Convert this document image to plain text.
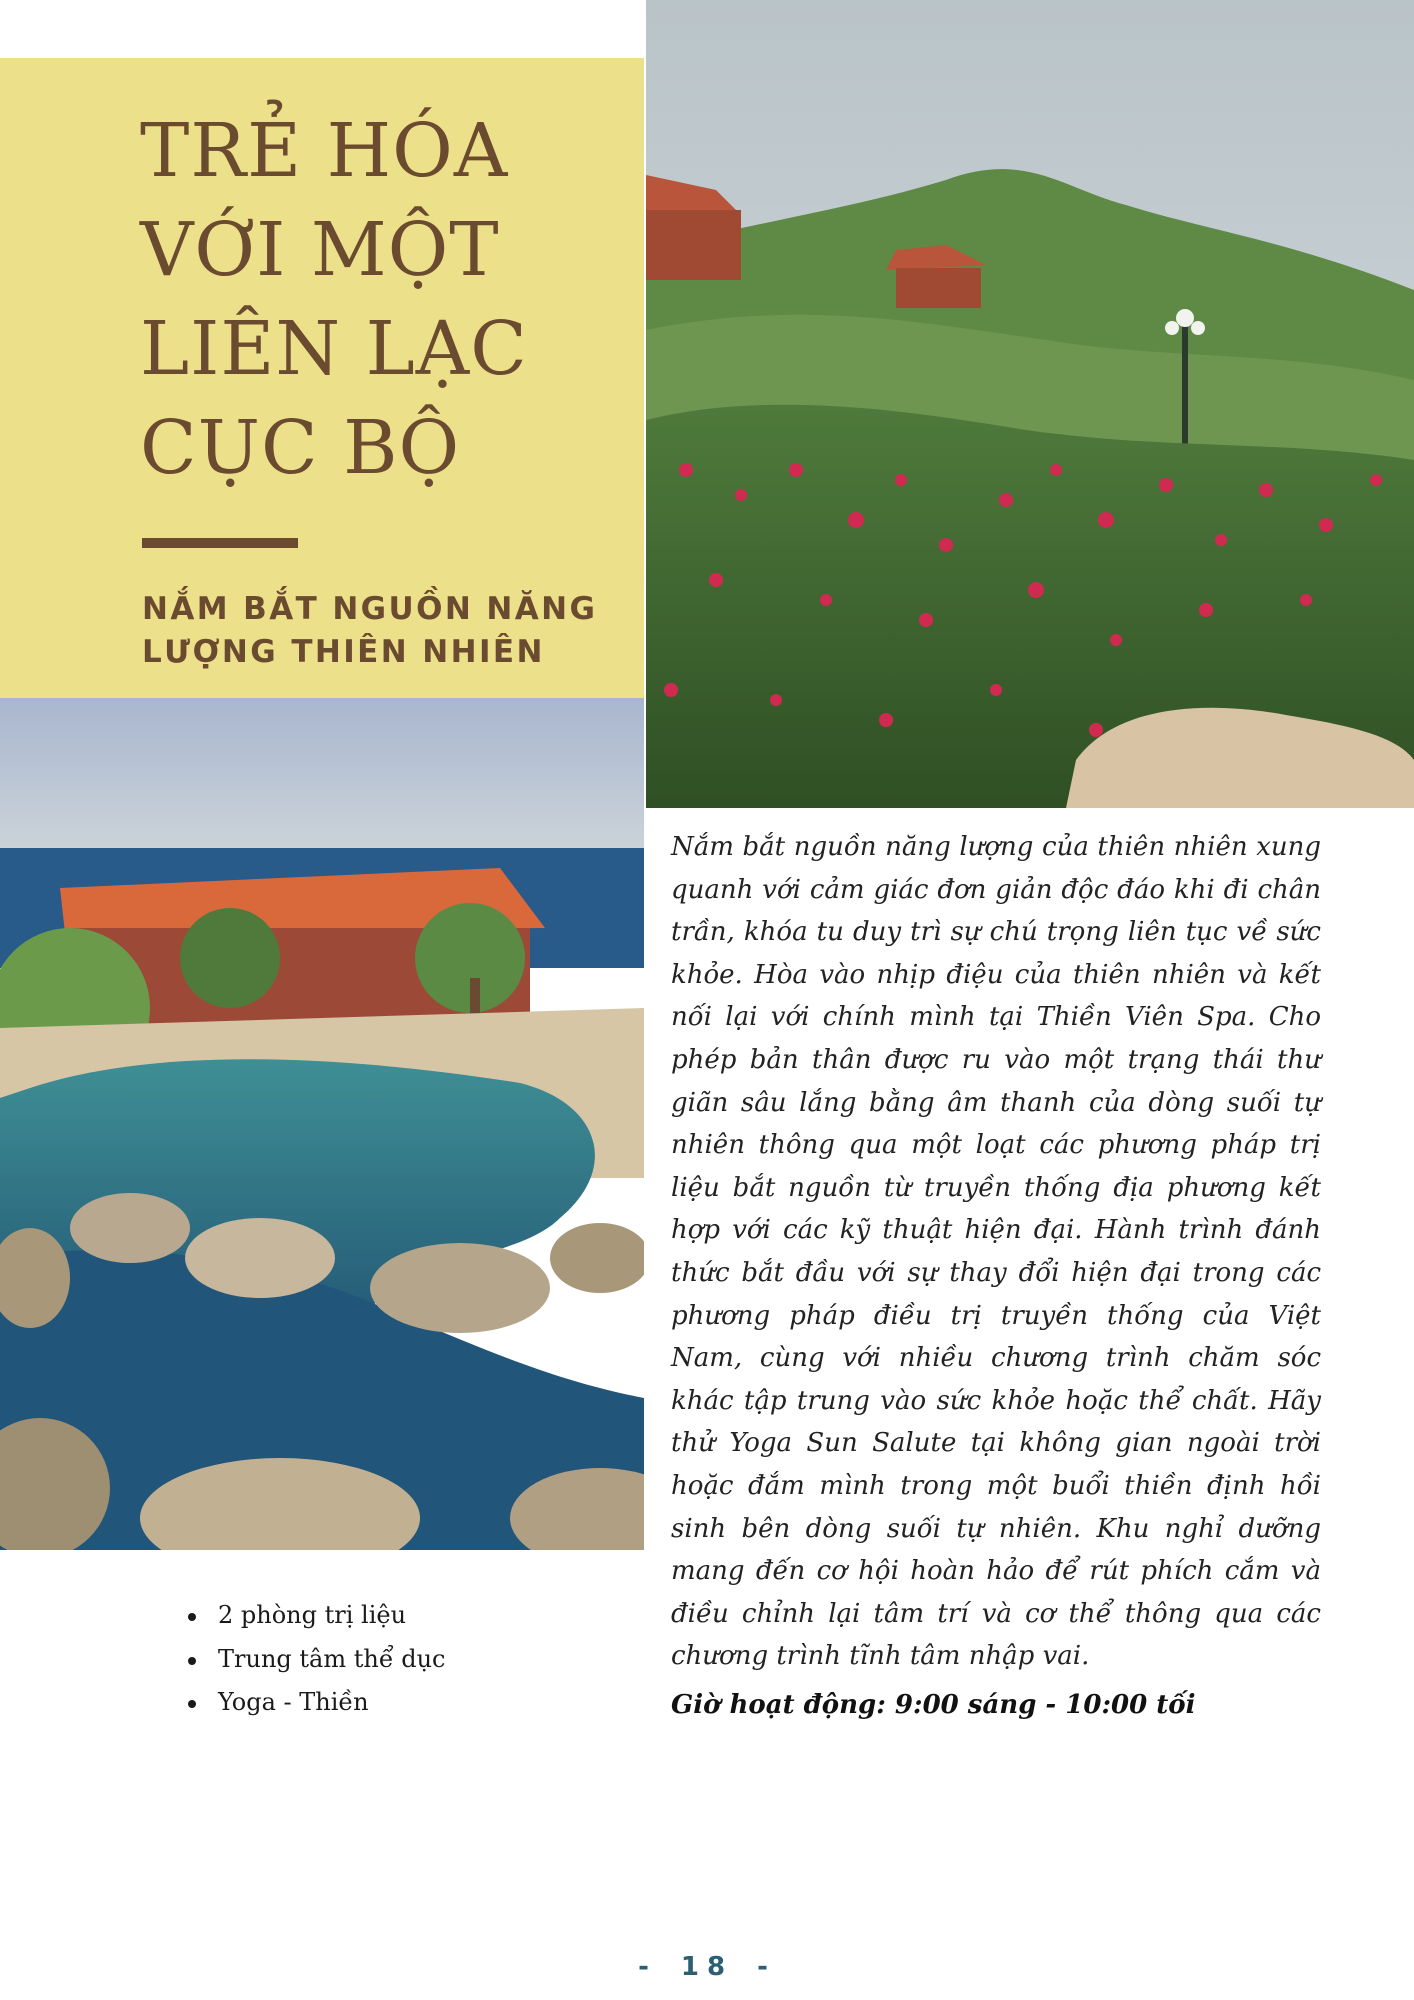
TRẺ HÓA
VỚI MỘT
LIÊN LẠC
CỤC BỘ
NẮM BẮT NGUỒN NĂNG
LƯỢNG THIÊN NHIÊN

Nắm bắt nguồn năng lượng của thiên nhiên xung quanh với cảm giác đơn giản độc đáo khi đi chân trần, khóa tu duy trì sự chú trọng liên tục về sức khỏe. Hòa vào nhịp điệu của thiên nhiên và kết nối lại với chính mình tại Thiền Viên Spa. Cho phép bản thân được ru vào một trạng thái thư giãn sâu lắng bằng âm thanh của dòng suối tự nhiên thông qua một loạt các phương pháp trị liệu bắt nguồn từ truyền thống địa phương kết hợp với các kỹ thuật hiện đại. Hành trình đánh thức bắt đầu với sự thay đổi hiện đại trong các phương pháp điều trị truyền thống của Việt Nam, cùng với nhiều chương trình chăm sóc khác tập trung vào sức khỏe hoặc thể chất. Hãy thử Yoga Sun Salute tại không gian ngoài trời hoặc đắm mình trong một buổi thiền định hồi sinh bên dòng suối tự nhiên. Khu nghỉ dưỡng mang đến cơ hội hoàn hảo để rút phích cắm và điều chỉnh lại tâm trí và cơ thể thông qua các chương trình tĩnh tâm nhập vai.

Giờ hoạt động: 9:00 sáng - 10:00 tối

2 phòng trị liệu
Trung tâm thể dục
Yoga - Thiền
- 18 -
